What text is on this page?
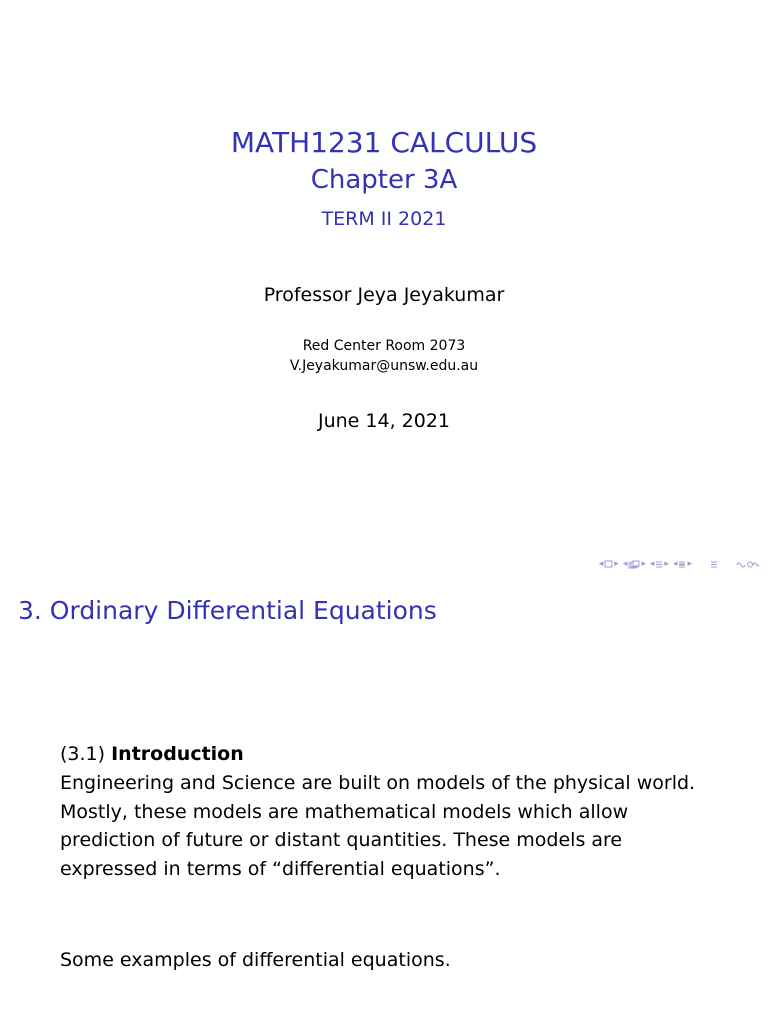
MATH1231 CALCULUS
Chapter 3A
TERM II 2021
Professor Jeya Jeyakumar
Red Center Room 2073
V.Jeyakumar@unsw.edu.au
June 14, 2021
◂ ▸ ◂ ▸ ◂ ▸ ◂ ▸
3. Ordinary Differential Equations
(3.1) Introduction
Engineering and Science are built on models of the physical world.
Mostly, these models are mathematical models which allow
prediction of future or distant quantities. These models are
expressed in terms of “differential equations”.
Some examples of differential equations.
